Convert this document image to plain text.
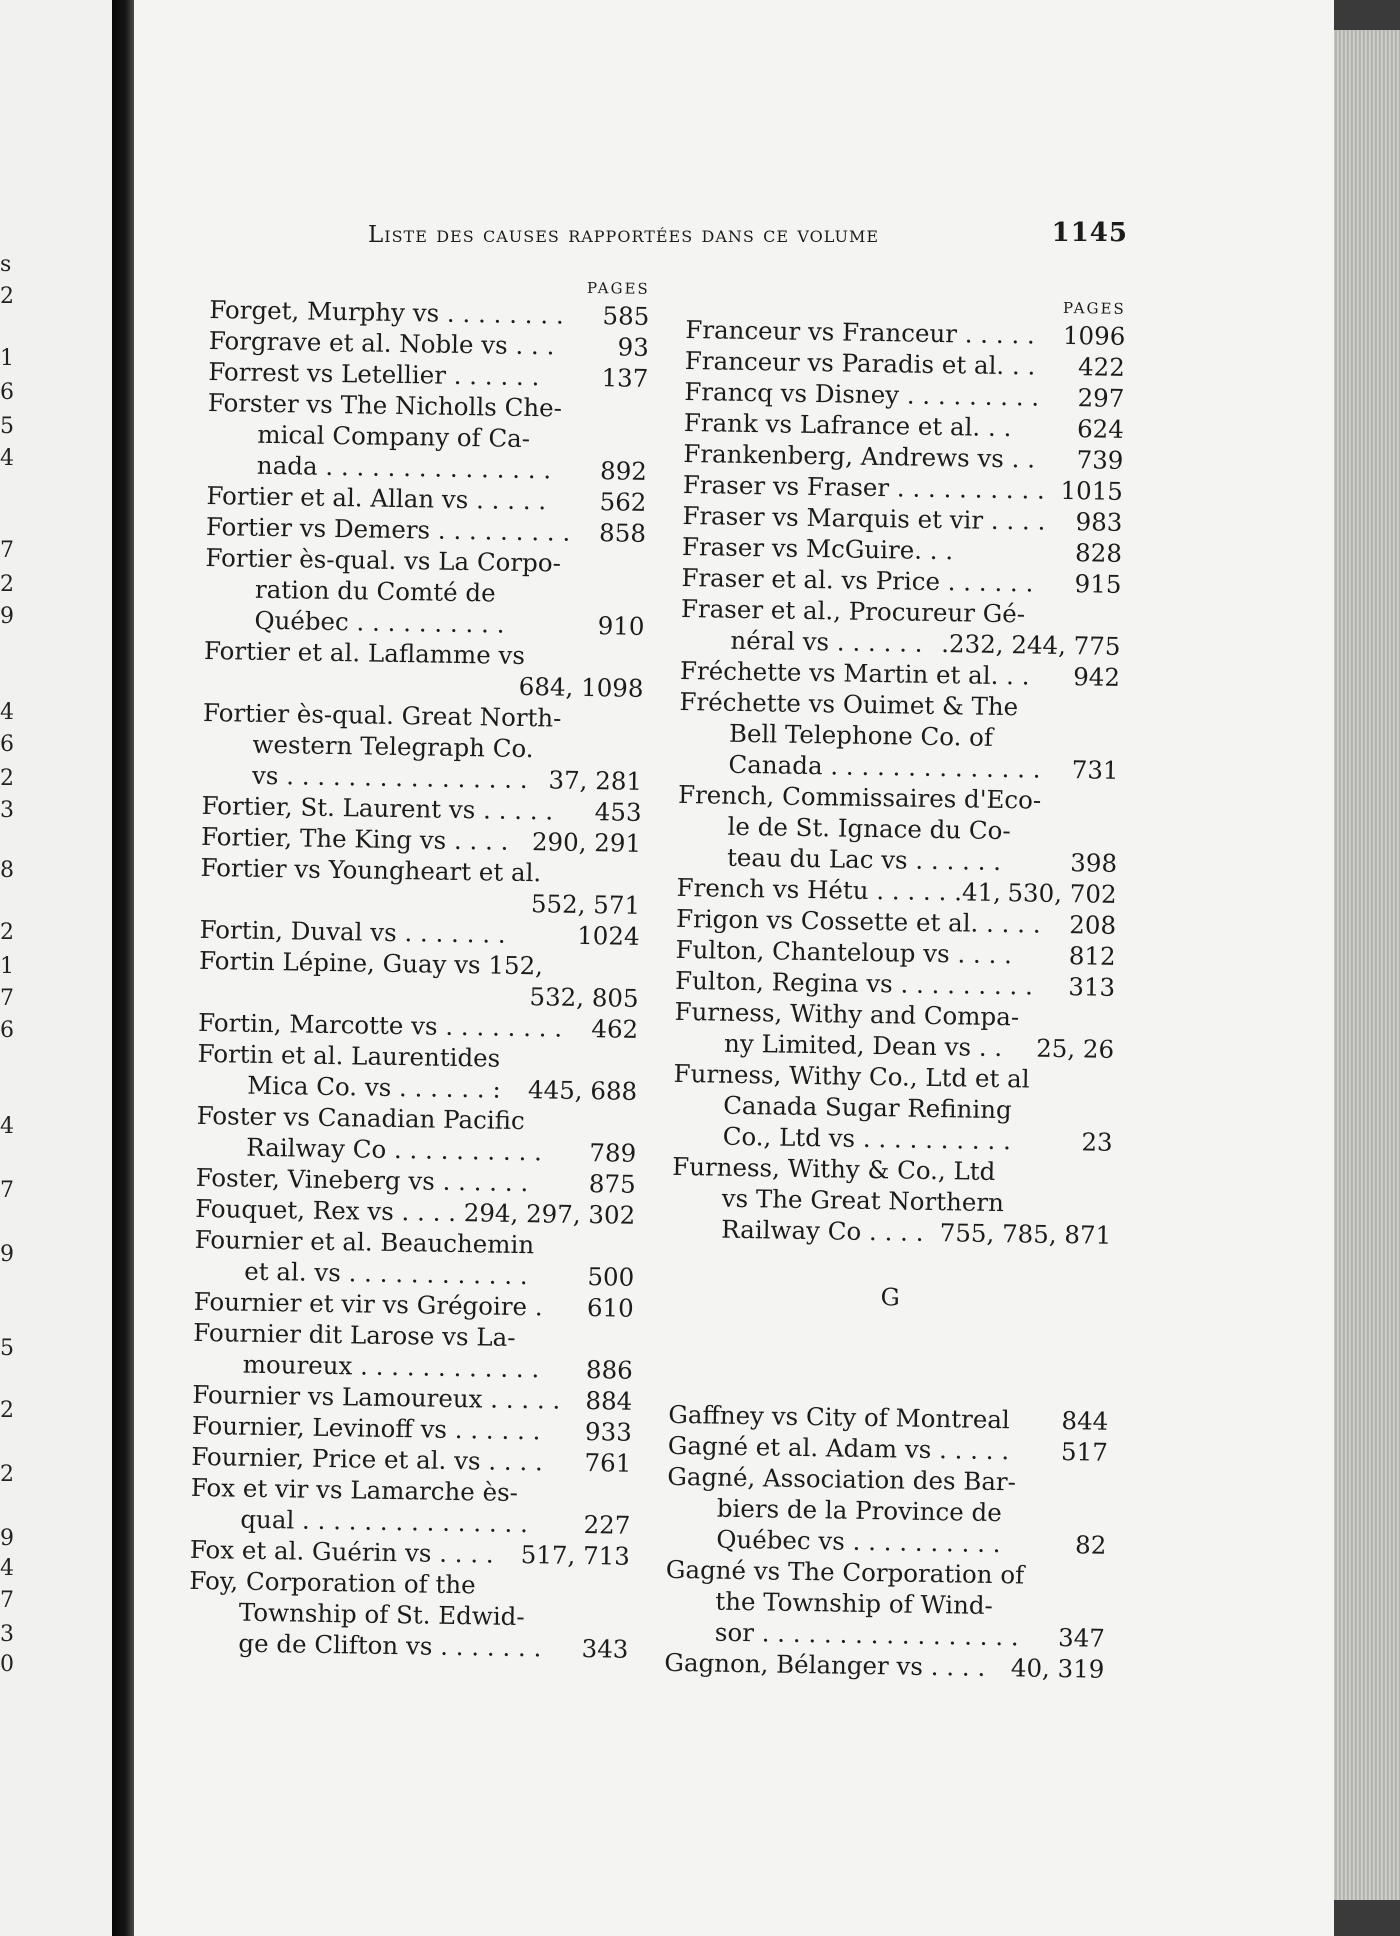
s
2
1
6
5
4
7
2
9
4
6
2
3
8
2
1
7
6
4
7
9
5
2
2
9
4
7
3
0
Liste des causes rapportées dans ce volume	1145
PAGES
Forget, Murphy vs . . . . . . . .	585
Forgrave et al. Noble vs . . .	93
Forrest vs Letellier . . . . . .	137
Forster vs The Nicholls Che-
mical Company of Ca-
nada . . . . . . . . . . . . . . .	892
Fortier et al. Allan vs . . . . .	562
Fortier vs Demers . . . . . . . . .	858
Fortier ès-qual. vs La Corpo-
ration du Comté de
Québec . . . . . . . . . .	910
Fortier et al. Laflamme vs
684, 1098
Fortier ès-qual. Great North-
western Telegraph Co.
vs . . . . . . . . . . . . . . . . 37, 281
Fortier, St. Laurent vs . . . . .	453
Fortier, The King vs . . . . 290, 291
Fortier vs Youngheart et al.
552, 571
Fortin, Duval vs . . . . . . .	1024
Fortin Lépine, Guay vs 152,
532, 805
Fortin, Marcotte vs . . . . . . . .	462
Fortin et al. Laurentides
Mica Co. vs . . . . . . :	445, 688
Foster vs Canadian Pacific
Railway Co . . . . . . . . . .	789
Foster, Vineberg vs . . . . . .	875
Fouquet, Rex vs . . . . 294, 297, 302
Fournier et al. Beauchemin
et al. vs . . . . . . . . . . . .	500
Fournier et vir vs Grégoire .	610
Fournier dit Larose vs La-
moureux . . . . . . . . . . . .	886
Fournier vs Lamoureux . . . . .	884
Fournier, Levinoff vs . . . . . .	933
Fournier, Price et al. vs . . . .	761
Fox et vir vs Lamarche ès-
qual . . . . . . . . . . . . . . .	227
Fox et al. Guérin vs . . . .	517, 713
Foy, Corporation of the
Township of St. Edwid-
ge de Clifton vs . . . . . . .	343
PAGES
Franceur vs Franceur . . . . .	1096
Franceur vs Paradis et al. . .	422
Francq vs Disney . . . . . . . . .	297
Frank vs Lafrance et al. . .	624
Frankenberg, Andrews vs . .	739
Fraser vs Fraser . . . . . . . . . . 1015
Fraser vs Marquis et vir . . . .	983
Fraser vs McGuire. . .	828
Fraser et al. vs Price . . . . . .	915
Fraser et al., Procureur Gé-
néral vs . . . . . . .232, 244, 775
Fréchette vs Martin et al. . .	942
Fréchette vs Ouimet & The
Bell Telephone Co. of
Canada . . . . . . . . . . . . . .	731
French, Commissaires d'Eco-
le de St. Ignace du Co-
teau du Lac vs . . . . . .	398
French vs Hétu . . . . . .41, 530, 702
Frigon vs Cossette et al. . . . .	208
Fulton, Chanteloup vs . . . .	812
Fulton, Regina vs . . . . . . . . .	313
Furness, Withy and Compa-
ny Limited, Dean vs . .	25, 26
Furness, Withy Co., Ltd et al
Canada Sugar Refining
Co., Ltd vs . . . . . . . . . .	23
Furness, Withy & Co., Ltd
vs The Great Northern
Railway Co . . . . 755, 785, 871
G
Gaffney vs City of Montreal	844
Gagné et al. Adam vs . . . . .	517
Gagné, Association des Bar-
biers de la Province de
Québec vs . . . . . . . . . .	82
Gagné vs The Corporation of
the Township of Wind-
sor . . . . . . . . . . . . . . . . .	347
Gagnon, Bélanger vs . . . .	40, 319
